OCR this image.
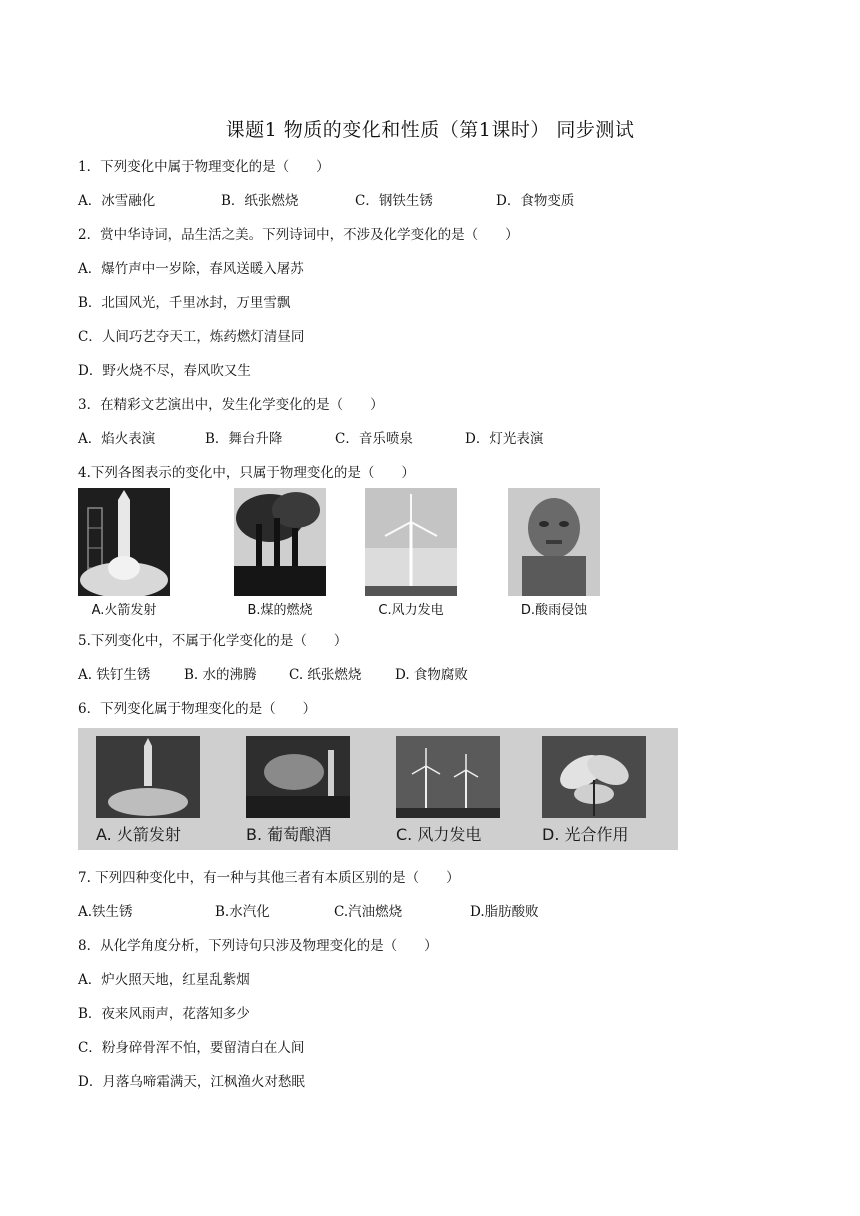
课题1 物质的变化和性质（第1课时） 同步测试
1．下列变化中属于物理变化的是（　　）
A．冰雪融化	B．纸张燃烧	C．钢铁生锈	D．食物变质
2．赏中华诗词，品生活之美。下列诗词中，不涉及化学变化的是（　　）
A．爆竹声中一岁除，春风送暖入屠苏
B．北国风光，千里冰封，万里雪飘
C．人间巧艺夺天工，炼药燃灯清昼同
D．野火烧不尽，春风吹又生
3．在精彩文艺演出中，发生化学变化的是（　　）
A．焰火表演	B．舞台升降	C．音乐喷泉	D．灯光表演
4.下列各图表示的变化中，只属于物理变化的是（　　）
A.火箭发射	B.煤的燃烧	C.风力发电	D.酸雨侵蚀
5.下列变化中，不属于化学变化的是（　　）
A. 铁钉生锈 B. 水的沸腾 C. 纸张燃烧 D. 食物腐败
6．下列变化属于物理变化的是（　　）
A. 火箭发射	B. 葡萄酿酒	C. 风力发电	D. 光合作用
7. 下列四种变化中，有一种与其他三者有本质区别的是（　　）
A.铁生锈	B.水汽化	C.汽油燃烧	D.脂肪酸败
8．从化学角度分析，下列诗句只涉及物理变化的是（　　）
A．炉火照天地，红星乱紫烟
B．夜来风雨声，花落知多少
C．粉身碎骨浑不怕，要留清白在人间
D．月落乌啼霜满天，江枫渔火对愁眠
